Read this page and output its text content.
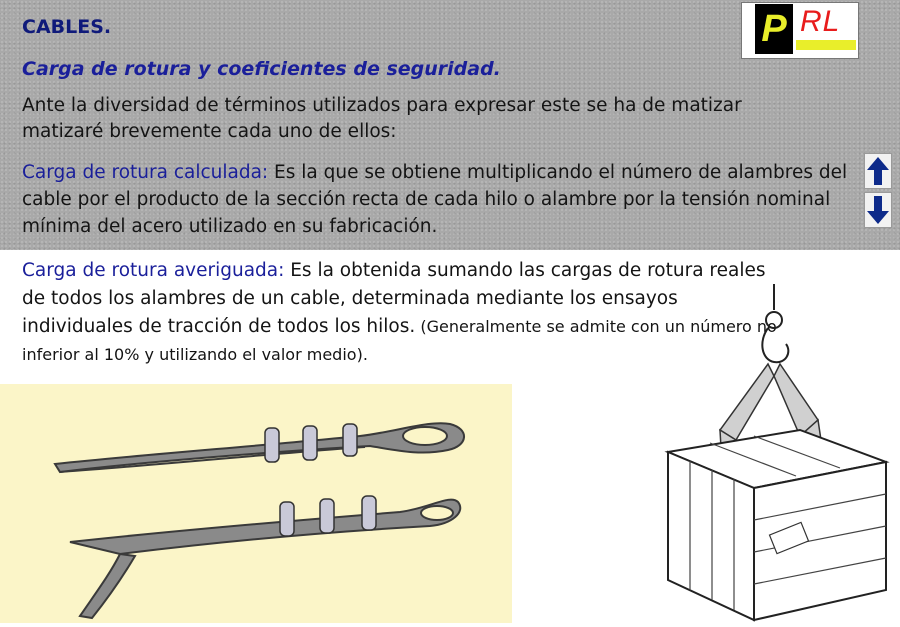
CABLES.
Carga de rotura y coeficientes de seguridad.
P RL

Ante la diversidad de términos utilizados para expresar este se ha de matizar matizaré brevemente cada uno de ellos:

Carga de rotura calculada: Es la que se obtiene multiplicando el número de alambres del cable por el producto de la sección recta de cada hilo o alambre por la tensión nominal mínima del acero utilizado en su fabricación.

Carga de rotura averiguada: Es la obtenida sumando las cargas de rotura reales de todos los alambres de un cable, determinada mediante los ensayos individuales de tracción de todos los hilos. (Generalmente se admite con un número no inferior al 10% y utilizando el valor medio).
